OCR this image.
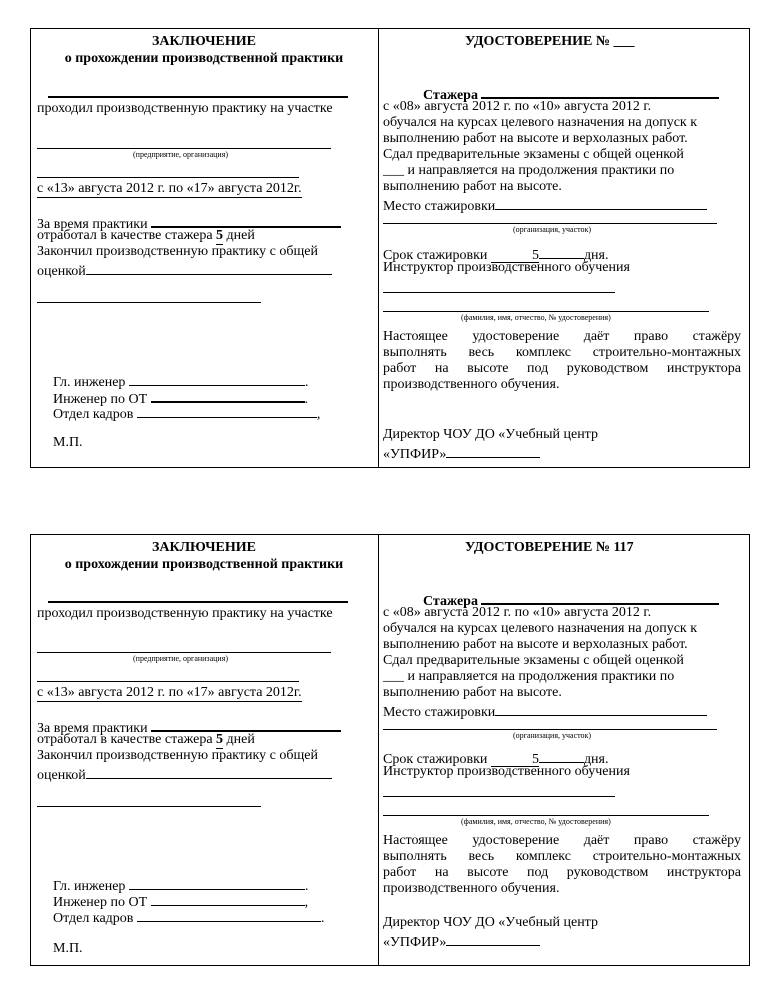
ЗАКЛЮЧЕНИЕ
о прохождении производственной практики
проходил производственную практику на участке
(предприятие, организация)
с «13» августа 2012 г. по «17» августа 2012г.
За время практики
отработал в качестве стажера 5 дней
Закончил производственную практику с общей
оценкой
Гл. инженер	.
Инженер по ОТ	.
Отдел кадров	,
М.П.
УДОСТОВЕРЕНИЕ № ___
Стажера
с «08» августа 2012 г. по «10» августа 2012 г.
обучался на курсах целевого назначения на допуск к
выполнению работ на высоте и верхолазных работ.
Сдал предварительные экзамены с общей оценкой
___ и направляется на продолжения практики по
выполнению работ на высоте.
Место стажировки
(организация, участок)
Срок стажировки	5	дня.
Инструктор производственного обучения
(фамилия, имя, отчество, № удостоверения)
Настоящее удостоверение даёт право стажёру
выполнять весь комплекс строительно-монтажных
работ на высоте под руководством инструктора
производственного обучения.
Директор ЧОУ ДО «Учебный центр
«УПФИР»
ЗАКЛЮЧЕНИЕ
о прохождении производственной практики
проходил производственную практику на участке
(предприятие, организация)
с «13» августа 2012 г. по «17» августа 2012г.
За время практики
отработал в качестве стажера 5 дней
Закончил производственную практику с общей
оценкой
Гл. инженер	.
Инженер по ОТ	,
Отдел кадров	.
М.П.
УДОСТОВЕРЕНИЕ № 117
Стажера
с «08» августа 2012 г. по «10» августа 2012 г.
обучался на курсах целевого назначения на допуск к
выполнению работ на высоте и верхолазных работ.
Сдал предварительные экзамены с общей оценкой
___ и направляется на продолжения практики по
выполнению работ на высоте.
Место стажировки
(организация, участок)
Срок стажировки	5	дня.
Инструктор производственного обучения
(фамилия, имя, отчество, № удостоверения)
Настоящее удостоверение даёт право стажёру
выполнять весь комплекс строительно-монтажных
работ на высоте под руководством инструктора
производственного обучения.
Директор ЧОУ ДО «Учебный центр
«УПФИР»
